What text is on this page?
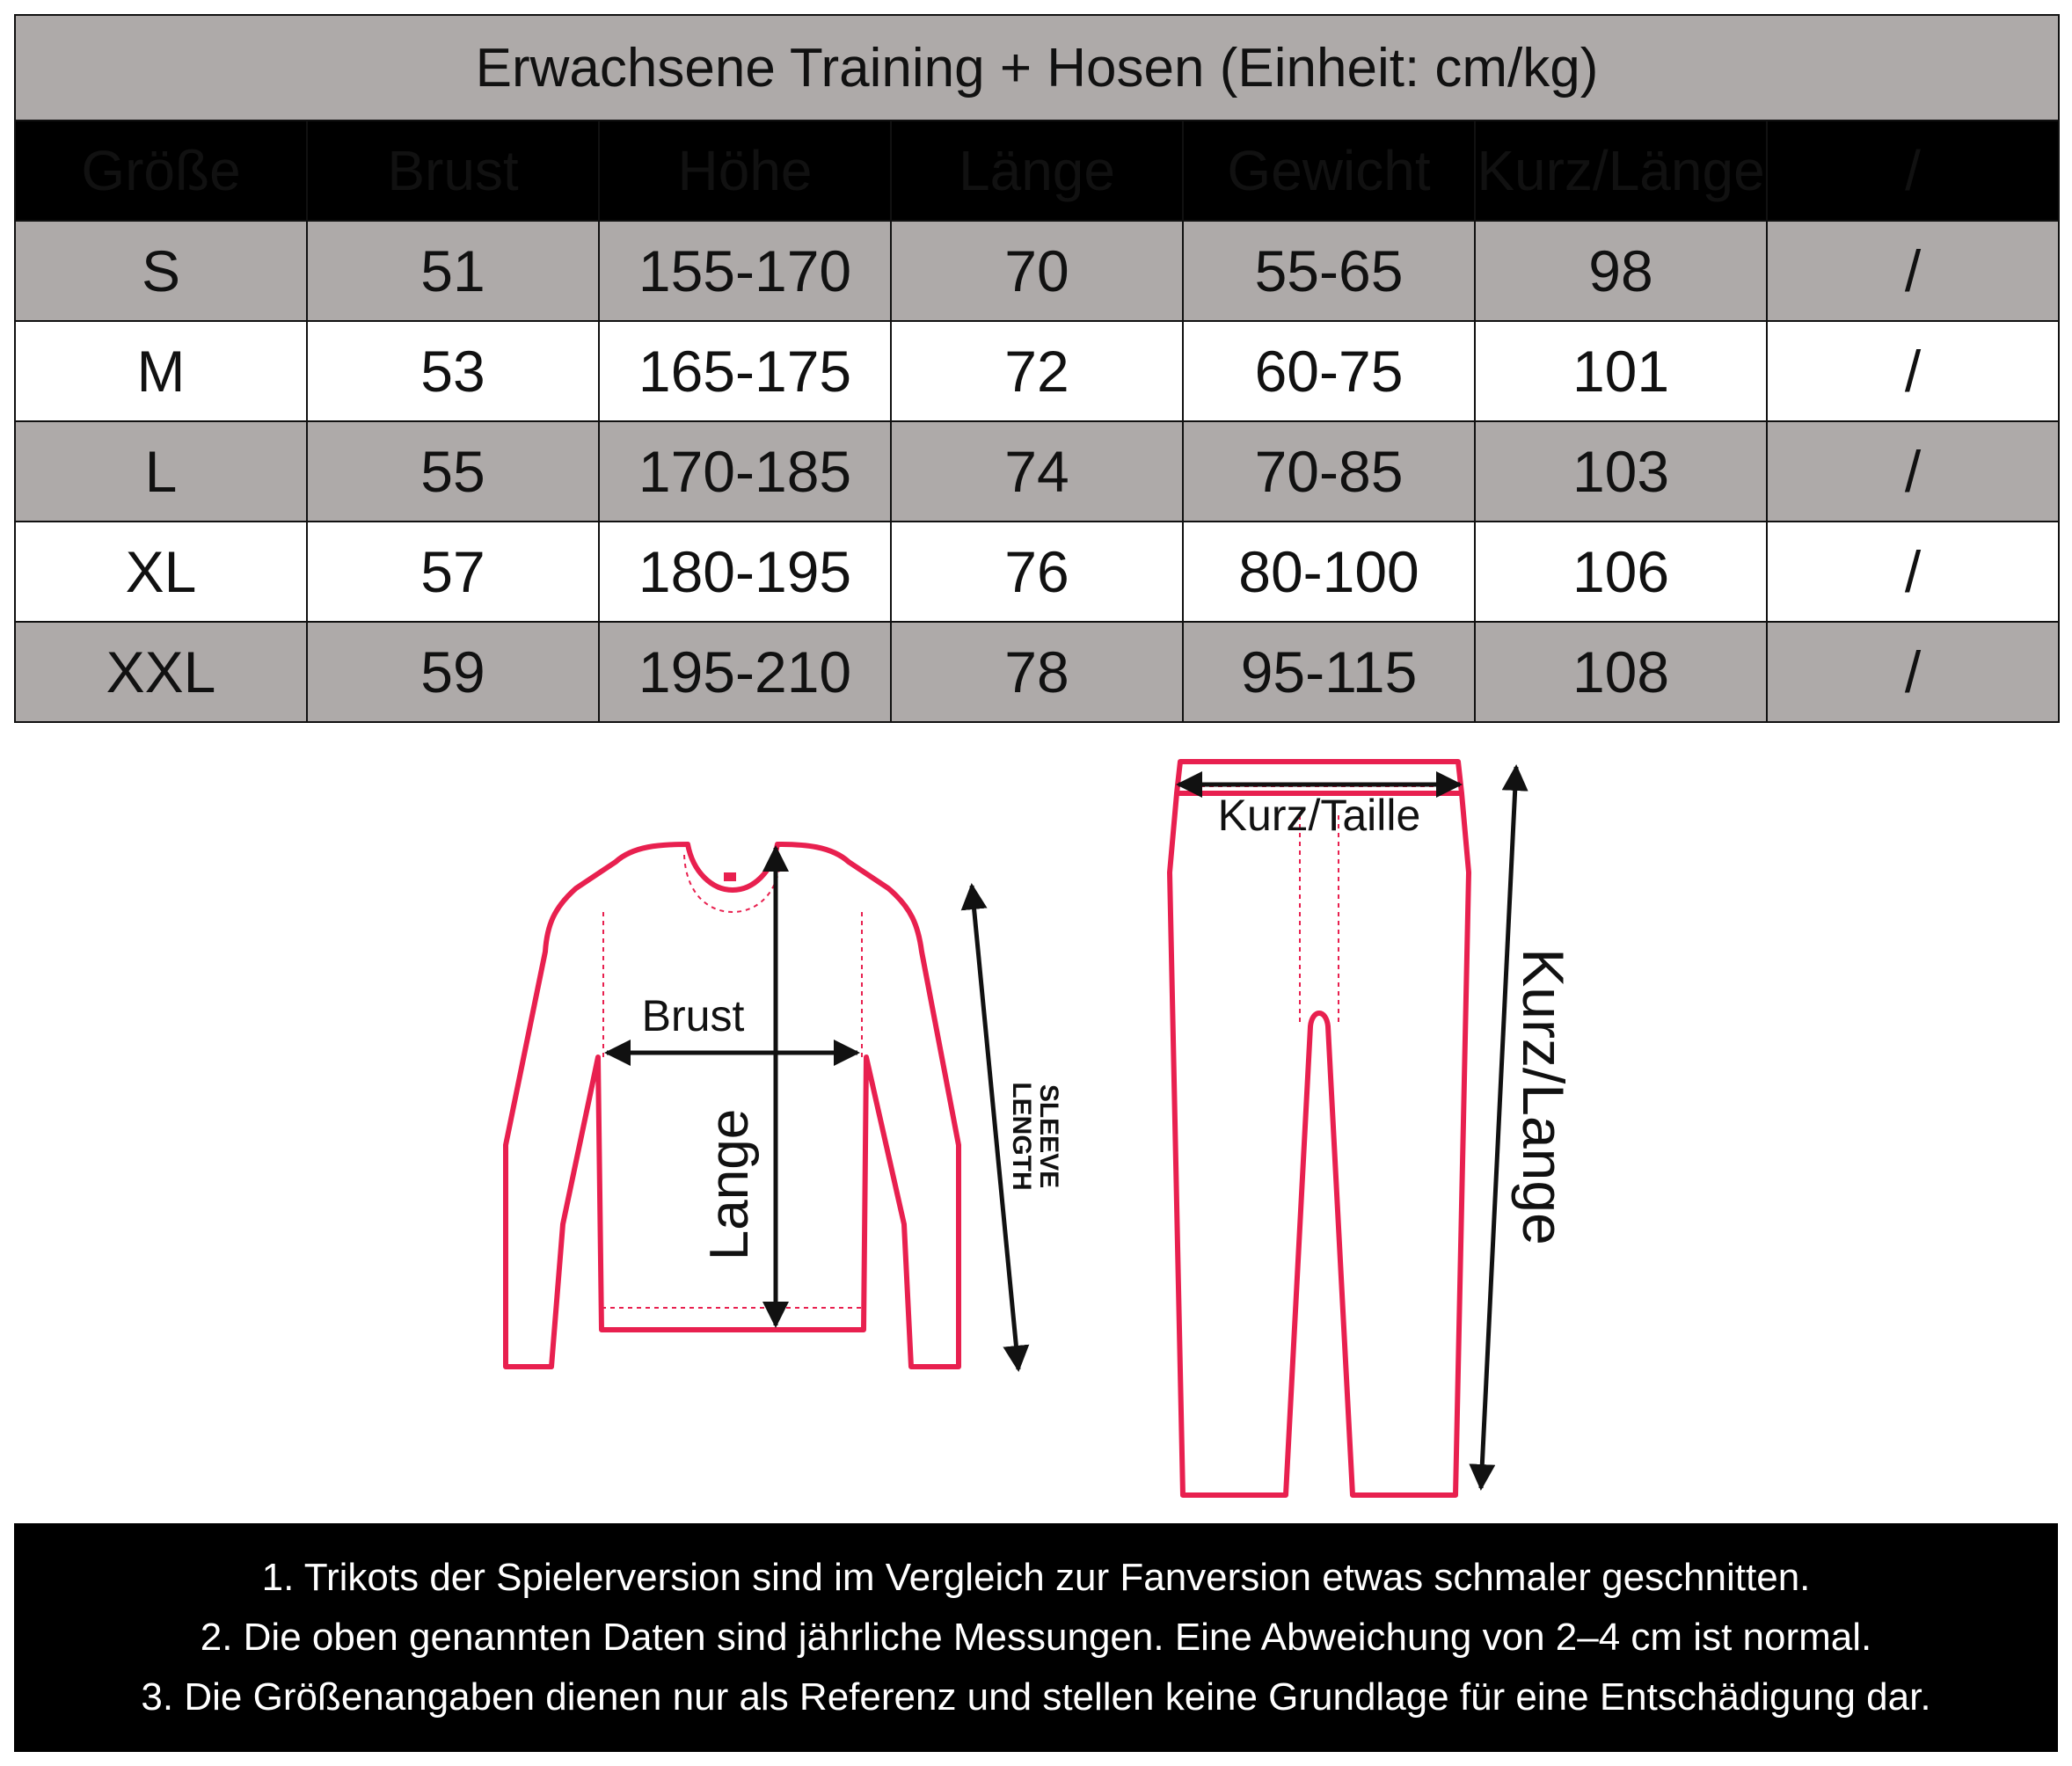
Erwachsene Training + Hosen (Einheit: cm/kg)						
Größe	Brust	Höhe	Länge	Gewicht	Kurz/Länge	/
S	51	155-170	70	55-65	98	/
M	53	165-175	72	60-75	101	/
L	55	170-185	74	70-85	103	/
XL	57	180-195	76	80-100	106	/
XXL	59	195-210	78	95-115	108	/
Brust
Lange	SLEEVE
LENGTH
Kurz/Taille
Kurz/Lange

1. Trikots der Spielerversion sind im Vergleich zur Fanversion etwas schmaler geschnitten.

2. Die oben genannten Daten sind jährliche Messungen. Eine Abweichung von 2–4 cm ist normal.

3. Die Größenangaben dienen nur als Referenz und stellen keine Grundlage für eine Entschädigung dar.
